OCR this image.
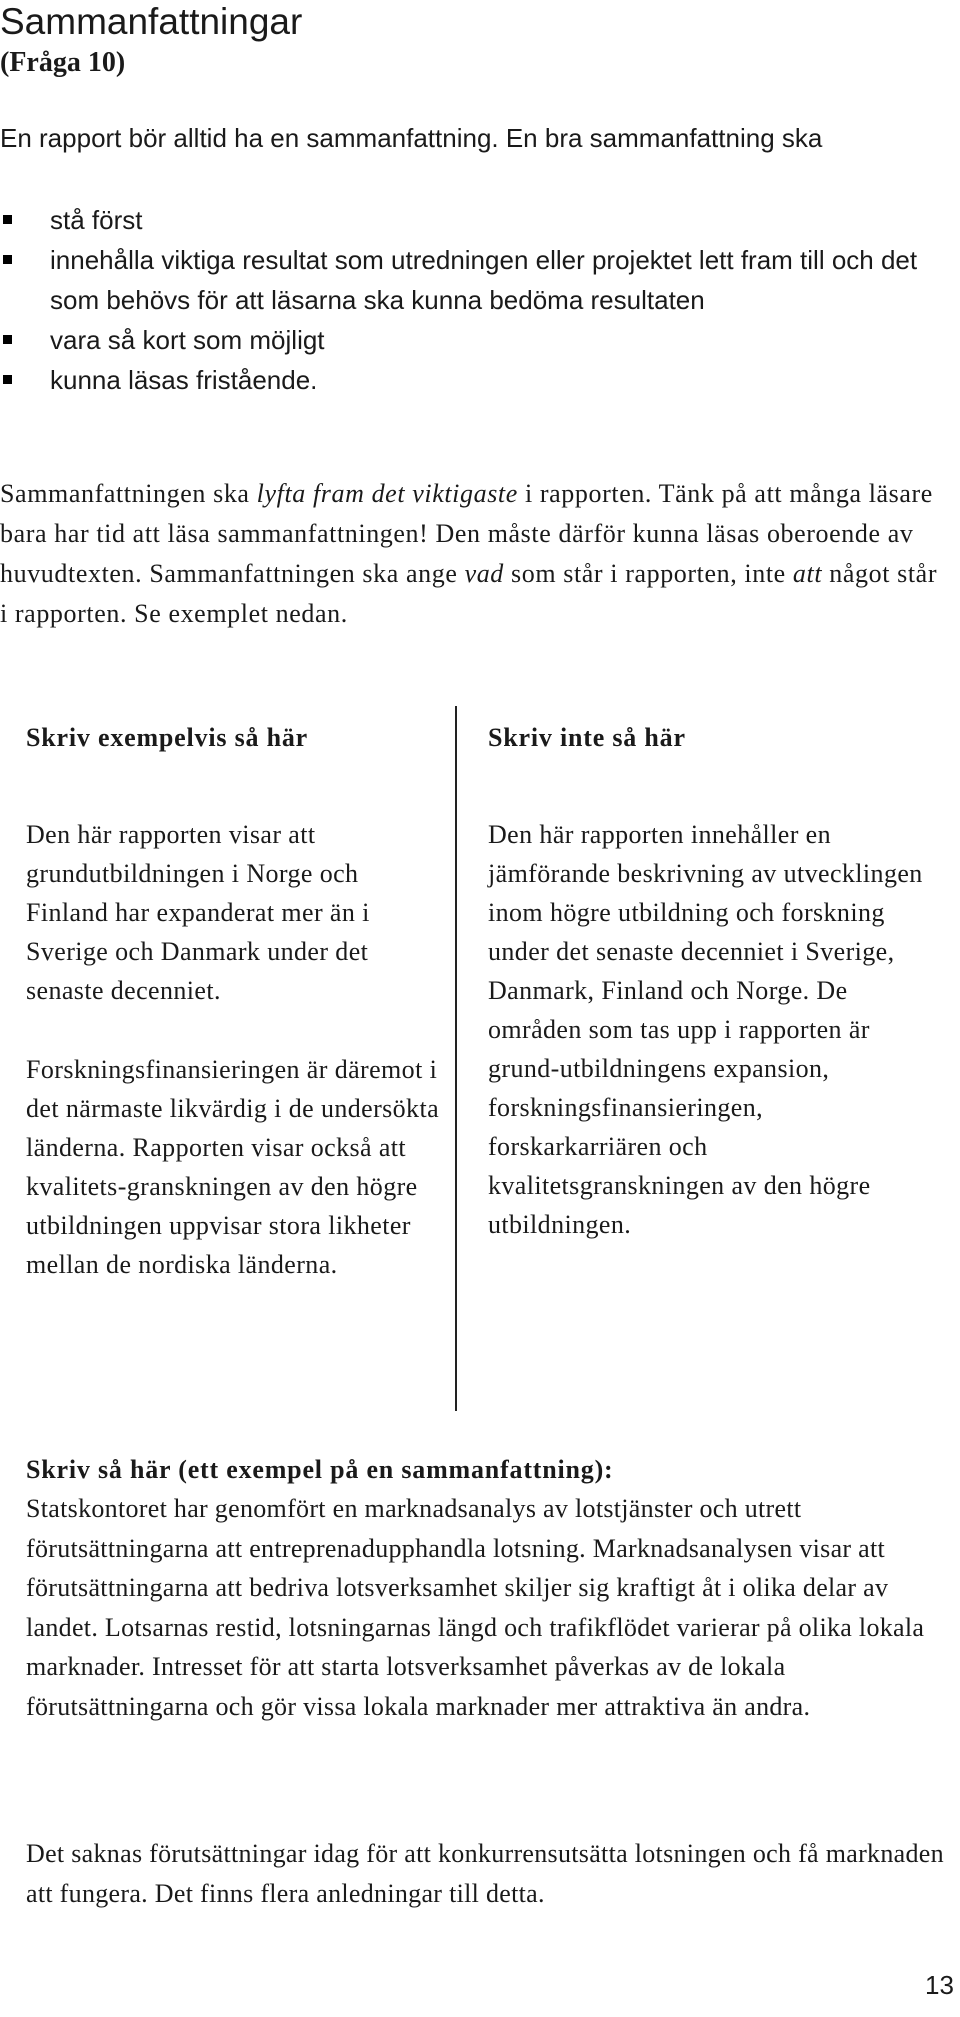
Sammanfattningar
(Fråga 10)

En rapport bör alltid ha en sammanfattning. En bra sammanfattning ska

stå först
innehålla viktiga resultat som utredningen eller projektet lett fram till och det som behövs för att läsarna ska kunna bedöma resultaten
vara så kort som möjligt
kunna läsas fristående.

Sammanfattningen ska lyfta fram det viktigaste i rapporten. Tänk på att många läsare bara har tid att läsa sammanfattningen! Den måste därför kunna läsas oberoende av huvudtexten. Sammanfattningen ska ange vad som står i rapporten, inte att något står i rapporten. Se exemplet nedan.

Skriv exempelvis så här	Skriv inte så här

Den här rapporten visar att grundutbildningen i Norge och Finland har expanderat mer än i Sverige och Danmark under det senaste decenniet.

Forskningsfinansieringen är däremot i det närmaste likvärdig i de undersökta länderna. Rapporten visar också att kvalitets-granskningen av den högre utbildningen uppvisar stora likheter mellan de nordiska länderna.

Den här rapporten innehåller en jämförande beskrivning av utvecklingen inom högre utbildning och forskning under det senaste decenniet i Sverige, Danmark, Finland och Norge. De områden som tas upp i rapporten är grund-utbildningens expansion, forskningsfinansieringen, forskarkarriären och kvalitetsgranskningen av den högre utbildningen.

Skriv så här (ett exempel på en sammanfattning):

Statskontoret har genomfört en marknadsanalys av lotstjänster och utrett förutsättningarna att entreprenadupphandla lotsning. Marknadsanalysen visar att förutsättningarna att bedriva lotsverksamhet skiljer sig kraftigt åt i olika delar av landet. Lotsarnas restid, lotsningarnas längd och trafikflödet varierar på olika lokala marknader. Intresset för att starta lotsverksamhet påverkas av de lokala förutsättningarna och gör vissa lokala marknader mer attraktiva än andra.

Det saknas förutsättningar idag för att konkurrensutsätta lotsningen och få marknaden att fungera. Det finns flera anledningar till detta.

13
